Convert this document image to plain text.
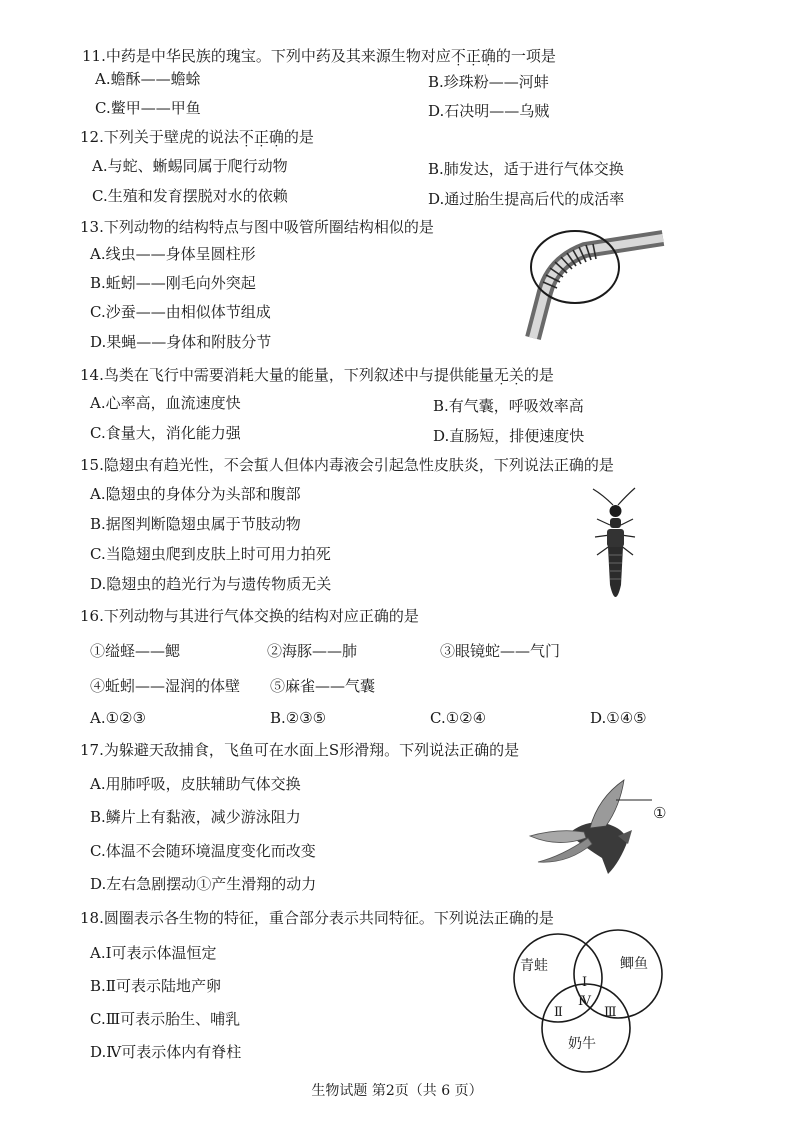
11.中药是中华民族的瑰宝。下列中药及其来源生物对应不正确的一项是
A.蟾酥——蟾蜍	B.珍珠粉——河蚌
C.鳖甲——甲鱼	D.石决明——乌贼
12.下列关于壁虎的说法不正确的是
A.与蛇、蜥蜴同属于爬行动物	B.肺发达，适于进行气体交换
C.生殖和发育摆脱对水的依赖	D.通过胎生提高后代的成活率
13.下列动物的结构特点与图中吸管所圈结构相似的是
A.线虫——身体呈圆柱形
B.蚯蚓——刚毛向外突起
C.沙蚕——由相似体节组成
D.果蝇——身体和附肢分节
14.鸟类在飞行中需要消耗大量的能量，下列叙述中与提供能量无关的是
A.心率高，血流速度快	B.有气囊，呼吸效率高
C.食量大，消化能力强	D.直肠短，排便速度快
15.隐翅虫有趋光性，不会蜇人但体内毒液会引起急性皮肤炎，下列说法正确的是
A.隐翅虫的身体分为头部和腹部
B.据图判断隐翅虫属于节肢动物
C.当隐翅虫爬到皮肤上时可用力拍死
D.隐翅虫的趋光行为与遗传物质无关
16.下列动物与其进行气体交换的结构对应正确的是
①缢蛏——鳃	②海豚——肺	③眼镜蛇——气门
④蚯蚓——湿润的体壁 ⑤麻雀——气囊
A.①②③	B.②③⑤	C.①②④	D.①④⑤
17.为躲避天敌捕食，飞鱼可在水面上S形滑翔。下列说法正确的是
A.用肺呼吸，皮肤辅助气体交换
B.鳞片上有黏液，减少游泳阻力
C.体温不会随环境温度变化而改变
D.左右急剧摆动①产生滑翔的动力
①
18.圆圈表示各生物的特征，重合部分表示共同特征。下列说法正确的是
A.Ⅰ可表示体温恒定
B.Ⅱ可表示陆地产卵
C.Ⅲ可表示胎生、哺乳
D.Ⅳ可表示体内有脊柱
青蛙	鲫鱼
奶牛
Ⅰ
Ⅱ	Ⅲ
Ⅳ
生物试题 第2页（共 6 页）
